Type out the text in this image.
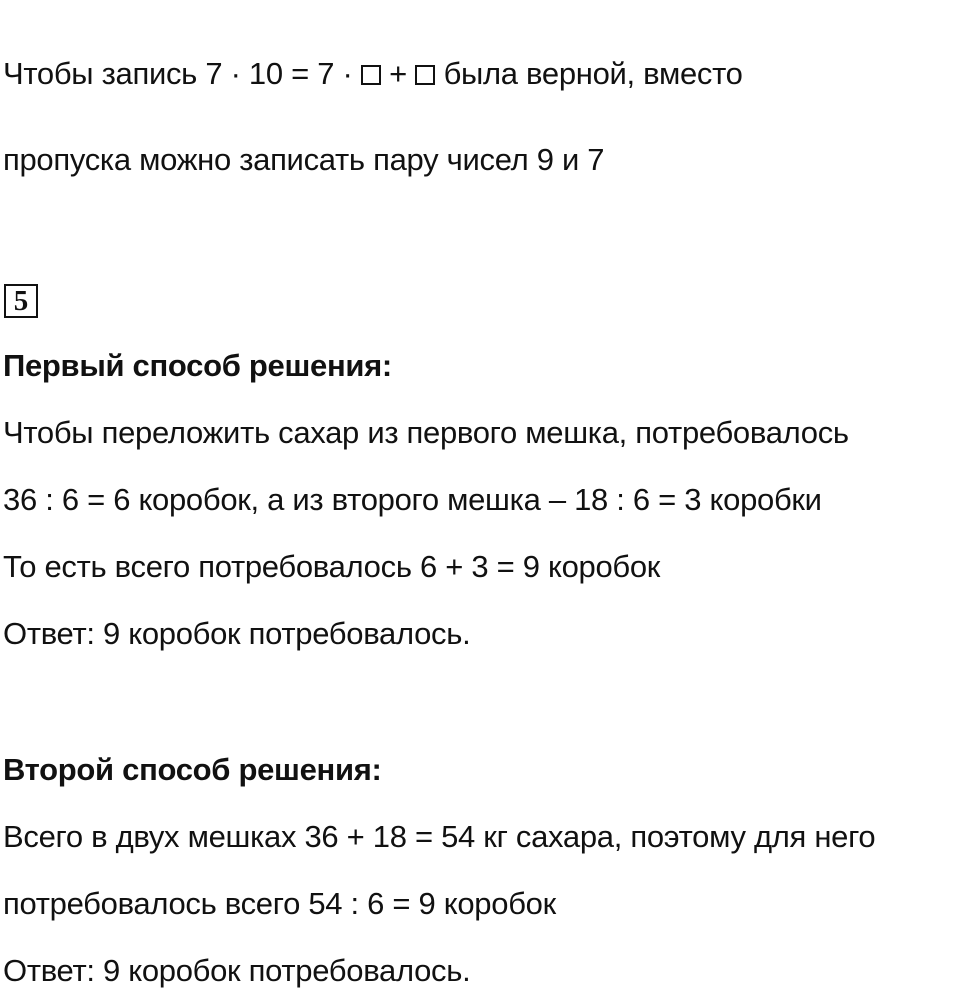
Чтобы запись 7 · 10 = 7 ·  +  была верной, вместо
пропуска можно записать пару чисел 9 и 7
5
Первый способ решения:
Чтобы переложить сахар из первого мешка, потребовалось
36 : 6 = 6 коробок, а из второго мешка – 18 : 6 = 3 коробки
То есть всего потребовалось 6 + 3 = 9 коробок
Ответ: 9 коробок потребовалось.
Второй способ решения:
Всего в двух мешках 36 + 18 = 54 кг сахара, поэтому для него
потребовалось всего 54 : 6 = 9 коробок
Ответ: 9 коробок потребовалось.
